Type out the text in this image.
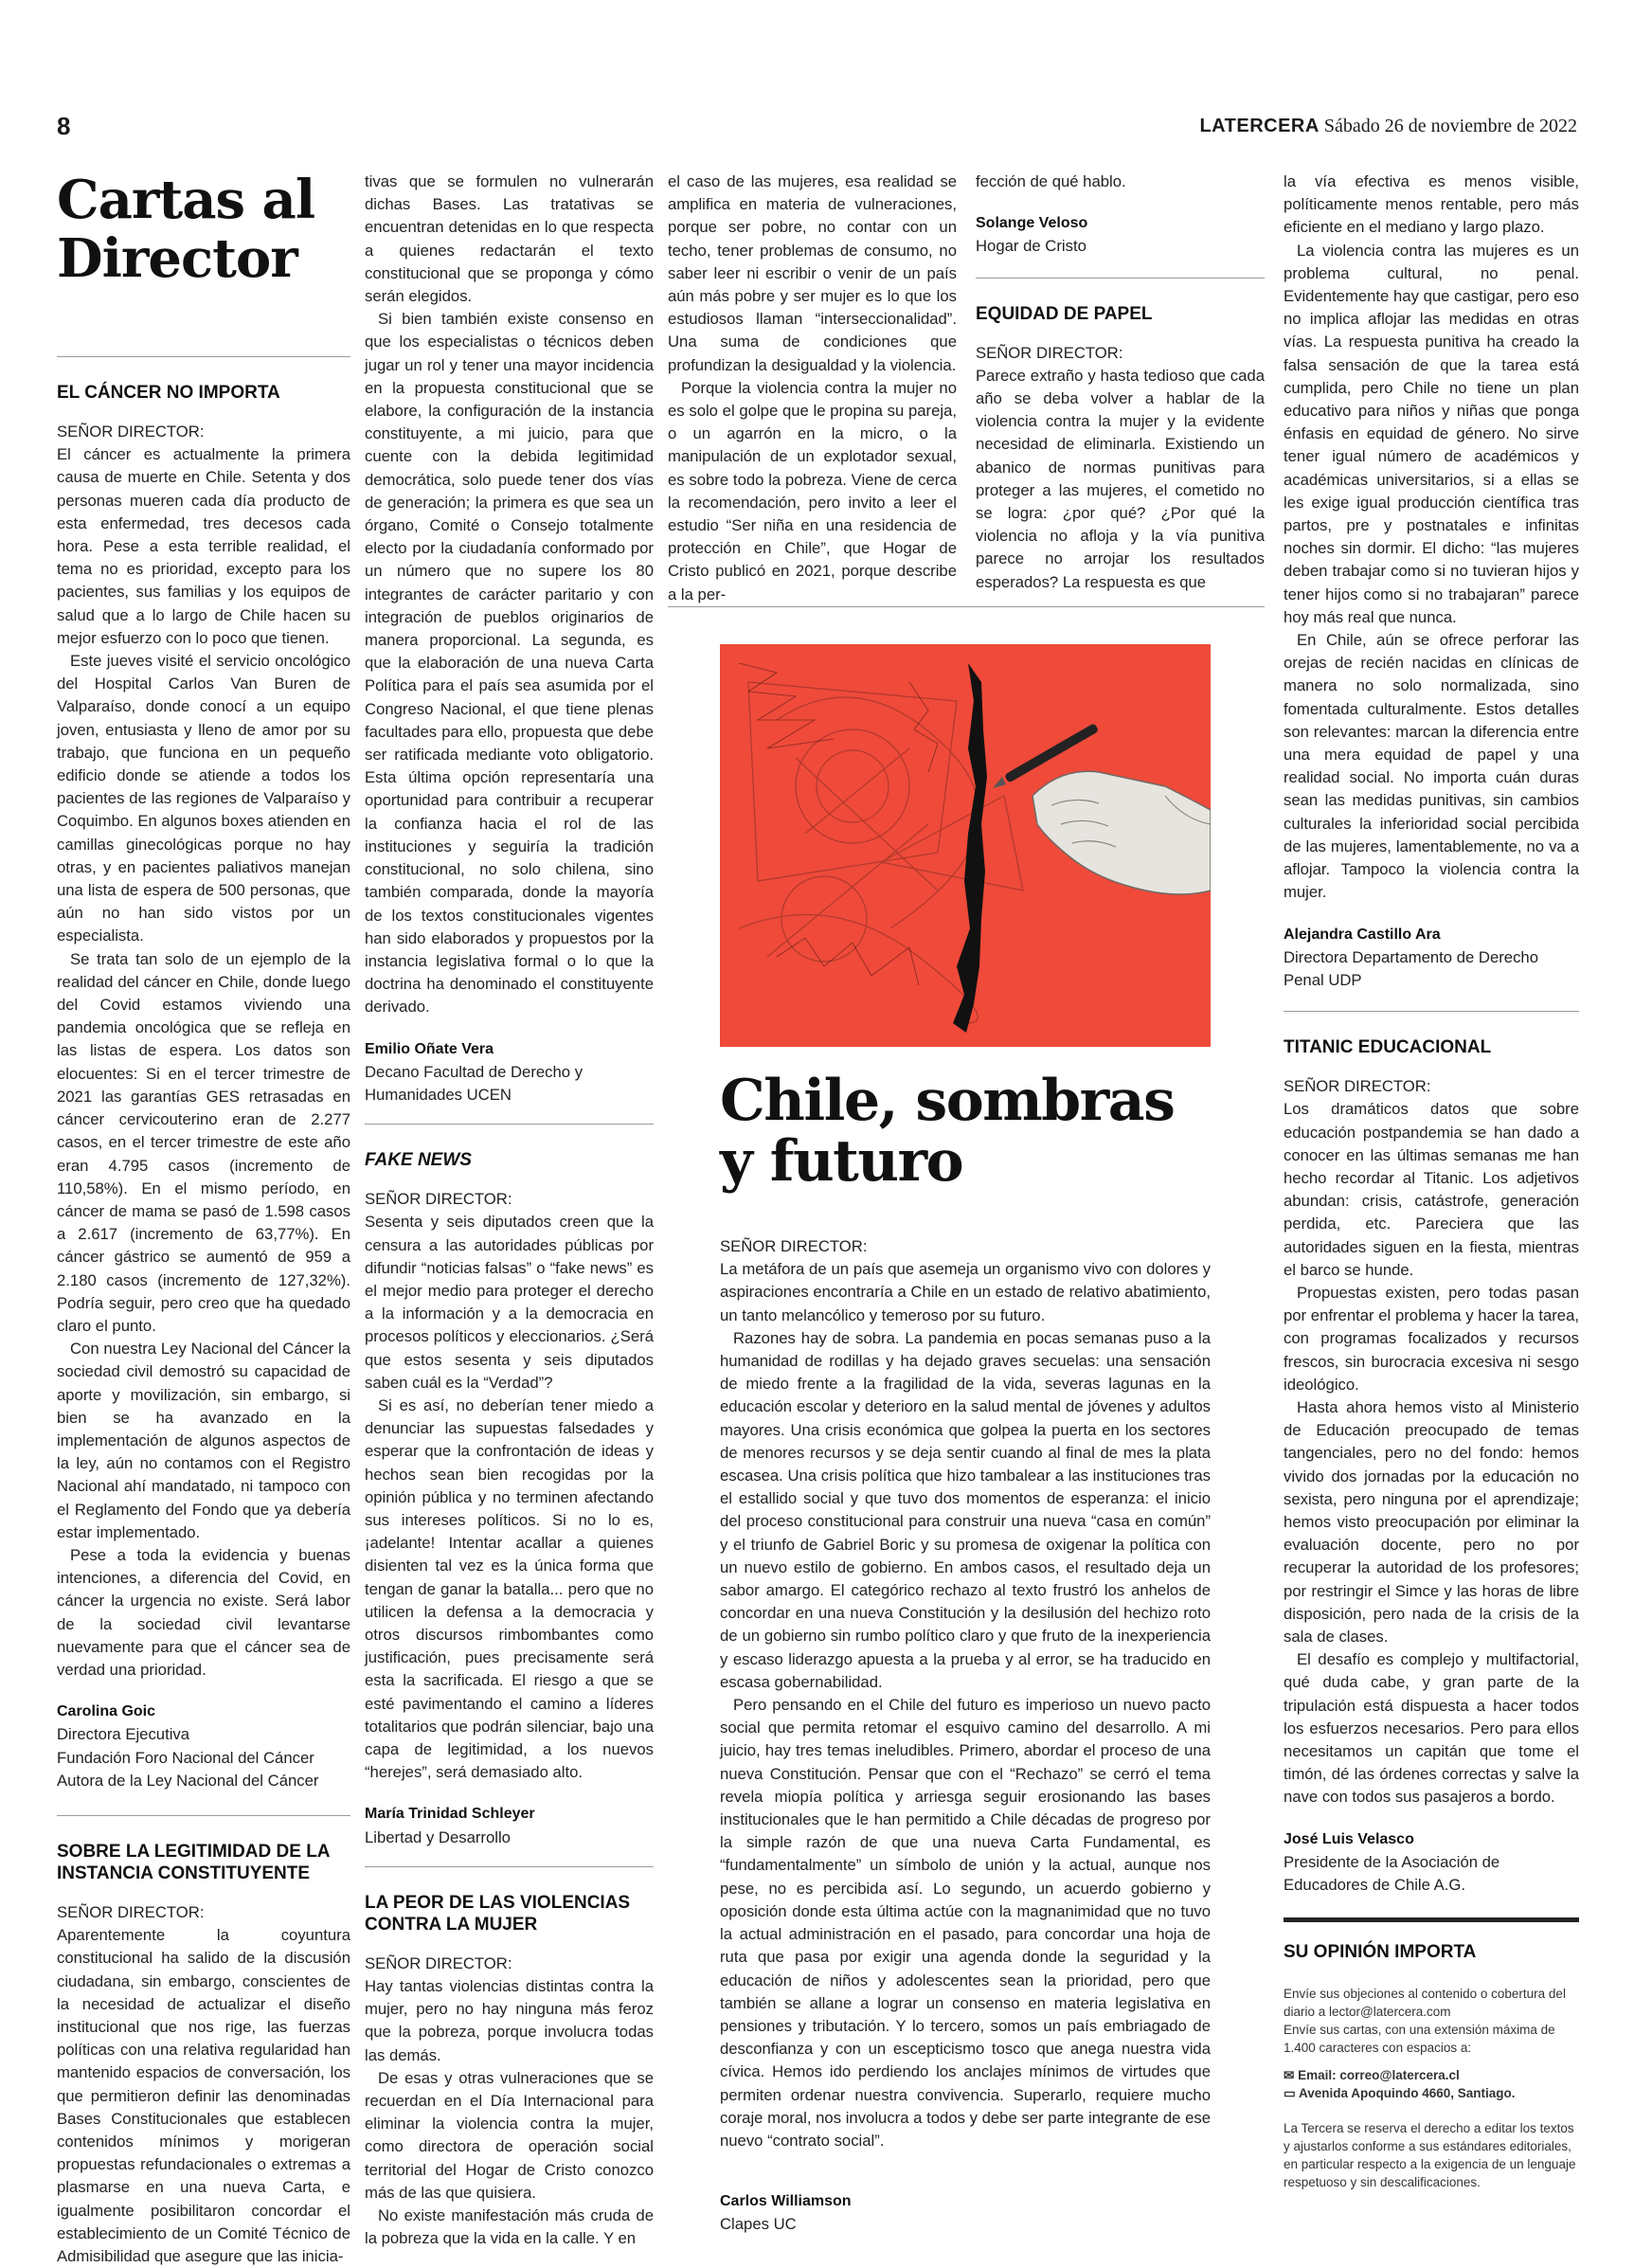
8	LATERCERA Sábado 26 de noviembre de 2022
Cartas al Director
EL CÁNCER NO IMPORTA

SEÑOR DIRECTOR:

El cáncer es actualmente la primera causa de muerte en Chile. Setenta y dos personas mueren cada día producto de esta enfermedad, tres decesos cada hora. Pese a esta terrible realidad, el tema no es prioridad, excepto para los pacientes, sus familias y los equipos de salud que a lo largo de Chile hacen su mejor esfuerzo con lo poco que tienen.

Este jueves visité el servicio oncológico del Hospital Carlos Van Buren de Valparaíso, donde conocí a un equipo joven, entusiasta y lleno de amor por su trabajo, que funciona en un pequeño edificio donde se atiende a todos los pacientes de las regiones de Valparaíso y Coquimbo. En algunos boxes atienden en camillas ginecológicas porque no hay otras, y en pacientes paliativos manejan una lista de espera de 500 personas, que aún no han sido vistos por un especialista.

Se trata tan solo de un ejemplo de la realidad del cáncer en Chile, donde luego del Covid estamos viviendo una pandemia oncológica que se refleja en las listas de espera. Los datos son elocuentes: Si en el tercer trimestre de 2021 las garantías GES retrasadas en cáncer cervicouterino eran de 2.277 casos, en el tercer trimestre de este año eran 4.795 casos (incremento de 110,58%). En el mismo período, en cáncer de mama se pasó de 1.598 casos a 2.617 (incremento de 63,77%). En cáncer gástrico se aumentó de 959 a 2.180 casos (incremento de 127,32%). Podría seguir, pero creo que ha quedado claro el punto.

Con nuestra Ley Nacional del Cáncer la sociedad civil demostró su capacidad de aporte y movilización, sin embargo, si bien se ha avanzado en la implementación de algunos aspectos de la ley, aún no contamos con el Registro Nacional ahí mandatado, ni tampoco con el Reglamento del Fondo que ya debería estar implementado.

Pese a toda la evidencia y buenas intenciones, a diferencia del Covid, en cáncer la urgencia no existe. Será labor de la sociedad civil levantarse nuevamente para que el cáncer sea de verdad una prioridad.

Carolina Goic
Directora Ejecutiva
Fundación Foro Nacional del Cáncer
Autora de la Ley Nacional del Cáncer
SOBRE LA LEGITIMIDAD DE LA INSTANCIA CONSTITUYENTE

SEÑOR DIRECTOR:

Aparentemente la coyuntura constitucional ha salido de la discusión ciudadana, sin embargo, conscientes de la necesidad de actualizar el diseño institucional que nos rige, las fuerzas políticas con una relativa regularidad han mantenido espacios de conversación, los que permitieron definir las denominadas Bases Constitucionales que establecen contenidos mínimos y morigeran propuestas refundacionales o extremas a plasmarse en una nueva Carta, e igualmente posibilitaron concordar el establecimiento de un Comité Técnico de Admisibilidad que asegure que las inicia-

tivas que se formulen no vulnerarán dichas Bases. Las tratativas se encuentran detenidas en lo que respecta a quienes redactarán el texto constitucional que se proponga y cómo serán elegidos.

Si bien también existe consenso en que los especialistas o técnicos deben jugar un rol y tener una mayor incidencia en la propuesta constitucional que se elabore, la configuración de la instancia constituyente, a mi juicio, para que cuente con la debida legitimidad democrática, solo puede tener dos vías de generación; la primera es que sea un órgano, Comité o Consejo totalmente electo por la ciudadanía conformado por un número que no supere los 80 integrantes de carácter paritario y con integración de pueblos originarios de manera proporcional. La segunda, es que la elaboración de una nueva Carta Política para el país sea asumida por el Congreso Nacional, el que tiene plenas facultades para ello, propuesta que debe ser ratificada mediante voto obligatorio. Esta última opción representaría una oportunidad para contribuir a recuperar la confianza hacia el rol de las instituciones y seguiría la tradición constitucional, no solo chilena, sino también comparada, donde la mayoría de los textos constitucionales vigentes han sido elaborados y propuestos por la instancia legislativa formal o lo que la doctrina ha denominado el constituyente derivado.

Emilio Oñate Vera
Decano Facultad de Derecho y Humanidades UCEN
FAKE NEWS

SEÑOR DIRECTOR:

Sesenta y seis diputados creen que la censura a las autoridades públicas por difundir “noticias falsas” o “fake news” es el mejor medio para proteger el derecho a la información y a la democracia en procesos políticos y eleccionarios. ¿Será que estos sesenta y seis diputados saben cuál es la “Verdad”?

Si es así, no deberían tener miedo a denunciar las supuestas falsedades y esperar que la confrontación de ideas y hechos sean bien recogidas por la opinión pública y no terminen afectando sus intereses políticos. Si no lo es, ¡adelante! Intentar acallar a quienes disienten tal vez es la única forma que tengan de ganar la batalla... pero que no utilicen la defensa a la democracia y otros discursos rimbombantes como justificación, pues precisamente será esta la sacrificada. El riesgo a que se esté pavimentando el camino a líderes totalitarios que podrán silenciar, bajo una capa de legitimidad, a los nuevos “herejes”, será demasiado alto.

María Trinidad Schleyer
Libertad y Desarrollo
LA PEOR DE LAS VIOLENCIAS CONTRA LA MUJER

SEÑOR DIRECTOR:

Hay tantas violencias distintas contra la mujer, pero no hay ninguna más feroz que la pobreza, porque involucra todas las demás.

De esas y otras vulneraciones que se recuerdan en el Día Internacional para eliminar la violencia contra la mujer, como directora de operación social territorial del Hogar de Cristo conozco más de las que quisiera.

No existe manifestación más cruda de la pobreza que la vida en la calle. Y en

el caso de las mujeres, esa realidad se amplifica en materia de vulneraciones, porque ser pobre, no contar con un techo, tener problemas de consumo, no saber leer ni escribir o venir de un país aún más pobre y ser mujer es lo que los estudiosos llaman “interseccionalidad”. Una suma de condiciones que profundizan la desigualdad y la violencia.

Porque la violencia contra la mujer no es solo el golpe que le propina su pareja, o un agarrón en la micro, o la manipulación de un explotador sexual, es sobre todo la pobreza. Viene de cerca la recomendación, pero invito a leer el estudio “Ser niña en una residencia de protección en Chile”, que Hogar de Cristo publicó en 2021, porque describe a la per-

fección de qué hablo.

Solange Veloso
Hogar de Cristo
EQUIDAD DE PAPEL

SEÑOR DIRECTOR:

Parece extraño y hasta tedioso que cada año se deba volver a hablar de la violencia contra la mujer y la evidente necesidad de eliminarla. Existiendo un abanico de normas punitivas para proteger a las mujeres, el cometido no se logra: ¿por qué? ¿Por qué la violencia no afloja y la vía punitiva parece no arrojar los resultados esperados? La respuesta es que

Chile, sombras y futuro

SEÑOR DIRECTOR:

La metáfora de un país que asemeja un organismo vivo con dolores y aspiraciones encontraría a Chile en un estado de relativo abatimiento, un tanto melancólico y temeroso por su futuro.

Razones hay de sobra. La pandemia en pocas semanas puso a la humanidad de rodillas y ha dejado graves secuelas: una sensación de miedo frente a la fragilidad de la vida, severas lagunas en la educación escolar y deterioro en la salud mental de jóvenes y adultos mayores. Una crisis económica que golpea la puerta en los sectores de menores recursos y se deja sentir cuando al final de mes la plata escasea. Una crisis política que hizo tambalear a las instituciones tras el estallido social y que tuvo dos momentos de esperanza: el inicio del proceso constitucional para construir una nueva “casa en común” y el triunfo de Gabriel Boric y su promesa de oxigenar la política con un nuevo estilo de gobierno. En ambos casos, el resultado deja un sabor amargo. El categórico rechazo al texto frustró los anhelos de concordar en una nueva Constitución y la desilusión del hechizo roto de un gobierno sin rumbo político claro y que fruto de la inexperiencia y escaso liderazgo apuesta a la prueba y al error, se ha traducido en escasa gobernabilidad.

Pero pensando en el Chile del futuro es imperioso un nuevo pacto social que permita retomar el esquivo camino del desarrollo. A mi juicio, hay tres temas ineludibles. Primero, abordar el proceso de una nueva Constitución. Pensar que con el “Rechazo” se cerró el tema revela miopía política y arriesga seguir erosionando las bases institucionales que le han permitido a Chile décadas de progreso por la simple razón de que una nueva Carta Fundamental, es “fundamentalmente” un símbolo de unión y la actual, aunque nos pese, no es percibida así. Lo segundo, un acuerdo gobierno y oposición donde esta última actúe con la magnanimidad que no tuvo la actual administración en el pasado, para concordar una hoja de ruta que pasa por exigir una agenda donde la seguridad y la educación de niños y adolescentes sean la prioridad, pero que también se allane a lograr un consenso en materia legislativa en pensiones y tributación. Y lo tercero, somos un país embriagado de desconfianza y con un escepticismo tosco que anega nuestra vida cívica. Hemos ido perdiendo los anclajes mínimos de virtudes que permiten ordenar nuestra convivencia. Superarlo, requiere mucho coraje moral, nos involucra a todos y debe ser parte integrante de ese nuevo “contrato social”.

Carlos Williamson
Clapes UC

la vía efectiva es menos visible, políticamente menos rentable, pero más eficiente en el mediano y largo plazo.

La violencia contra las mujeres es un problema cultural, no penal. Evidentemente hay que castigar, pero eso no implica aflojar las medidas en otras vías. La respuesta punitiva ha creado la falsa sensación de que la tarea está cumplida, pero Chile no tiene un plan educativo para niños y niñas que ponga énfasis en equidad de género. No sirve tener igual número de académicos y académicas universitarios, si a ellas se les exige igual producción científica tras partos, pre y postnatales e infinitas noches sin dormir. El dicho: “las mujeres deben trabajar como si no tuvieran hijos y tener hijos como si no trabajaran” parece hoy más real que nunca.

En Chile, aún se ofrece perforar las orejas de recién nacidas en clínicas de manera no solo normalizada, sino fomentada culturalmente. Estos detalles son relevantes: marcan la diferencia entre una mera equidad de papel y una realidad social. No importa cuán duras sean las medidas punitivas, sin cambios culturales la inferioridad social percibida de las mujeres, lamentablemente, no va a aflojar. Tampoco la violencia contra la mujer.

Alejandra Castillo Ara
Directora Departamento de Derecho Penal UDP
TITANIC EDUCACIONAL

SEÑOR DIRECTOR:

Los dramáticos datos que sobre educación postpandemia se han dado a conocer en las últimas semanas me han hecho recordar al Titanic. Los adjetivos abundan: crisis, catástrofe, generación perdida, etc. Pareciera que las autoridades siguen en la fiesta, mientras el barco se hunde.

Propuestas existen, pero todas pasan por enfrentar el problema y hacer la tarea, con programas focalizados y recursos frescos, sin burocracia excesiva ni sesgo ideológico.

Hasta ahora hemos visto al Ministerio de Educación preocupado de temas tangenciales, pero no del fondo: hemos vivido dos jornadas por la educación no sexista, pero ninguna por el aprendizaje; hemos visto preocupación por eliminar la evaluación docente, pero no por recuperar la autoridad de los profesores; por restringir el Simce y las horas de libre disposición, pero nada de la crisis de la sala de clases.

El desafío es complejo y multifactorial, qué duda cabe, y gran parte de la tripulación está dispuesta a hacer todos los esfuerzos necesarios. Pero para ellos necesitamos un capitán que tome el timón, dé las órdenes correctas y salve la nave con todos sus pasajeros a bordo.

José Luis Velasco
Presidente de la Asociación de Educadores de Chile A.G.
SU OPINIÓN IMPORTA
Envíe sus objeciones al contenido o cobertura del diario a lector@latercera.com
Envíe sus cartas, con una extensión máxima de 1.400 caracteres con espacios a:
✉ Email: correo@latercera.cl
▭ Avenida Apoquindo 4660, Santiago.
La Tercera se reserva el derecho a editar los textos y ajustarlos conforme a sus estándares editoriales, en particular respecto a la exigencia de un lenguaje respetuoso y sin descalificaciones.
